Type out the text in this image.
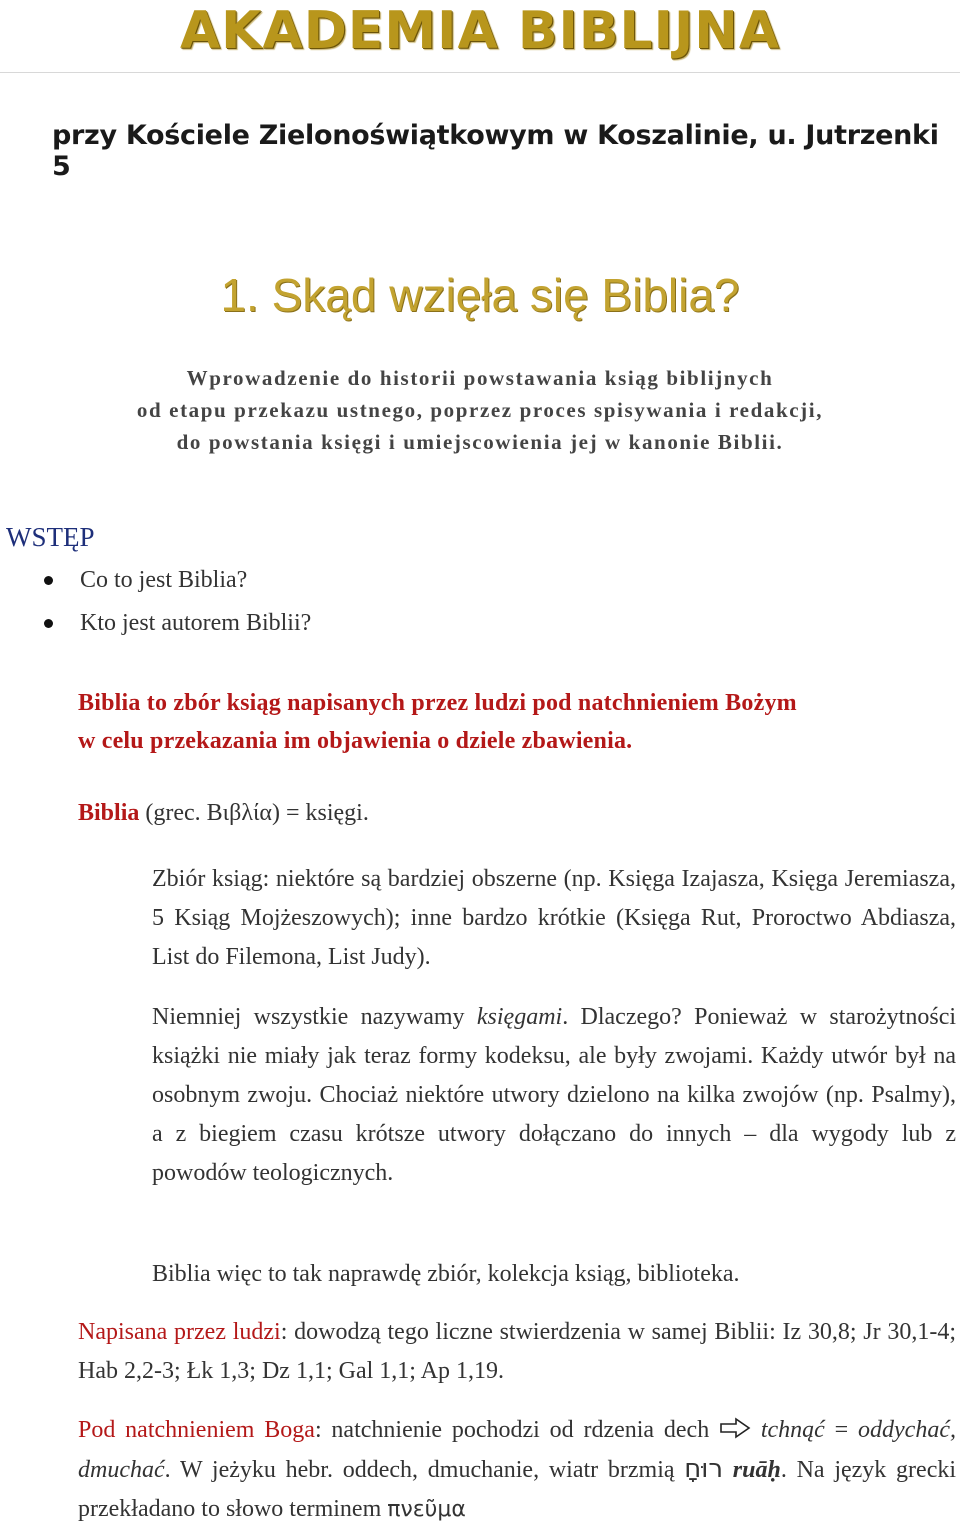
AKADEMIA BIBLIJNA
przy Kościele Zielonoświątkowym w Koszalinie, u. Jutrzenki 5
1. Skąd wzięła się Biblia?

Wprowadzenie do historii powstawania ksiąg biblijnych

od etapu przekazu ustnego, poprzez proces spisywania i redakcji,

do powstania księgi i umiejscowienia jej w kanonie Biblii.

WSTĘP
Co to jest Biblia?
Kto jest autorem Biblii?

Biblia to zbór ksiąg napisanych przez ludzi pod natchnieniem Bożym

w celu przekazania im objawienia o dziele zbawienia.

Biblia (grec. Βιβλία) = księgi.

Zbiór ksiąg: niektóre są bardziej obszerne (np. Księga Izajasza, Księga Jeremiasza, 5 Ksiąg Mojżeszowych); inne bardzo krótkie (Księga Rut, Proroctwo Abdiasza, List do Filemona, List Judy).

Niemniej wszystkie nazywamy księgami. Dlaczego? Ponieważ w starożytności książki nie miały jak teraz formy kodeksu, ale były zwojami. Każdy utwór był na osobnym zwoju. Chociaż niektóre utwory dzielono na kilka zwojów (np. Psalmy), a z biegiem czasu krótsze utwory dołączano do innych – dla wygody lub z powodów teologicznych.

Biblia więc to tak naprawdę zbiór, kolekcja ksiąg, biblioteka.

Napisana przez ludzi: dowodzą tego liczne stwierdzenia w samej Biblii: Iz 30,8; Jr 30,1-4; Hab 2,2-3; Łk 1,3; Dz 1,1; Gal 1,1; Ap 1,19.

Pod natchnieniem Boga: natchnienie pochodzi od rdzenia dech  tchnąć = oddychać, dmuchać. W jeżyku hebr. oddech, dmuchanie, wiatr brzmią רוּחָ ruāḥ. Na język grecki przekładano to słowo terminem πνεῦμα
